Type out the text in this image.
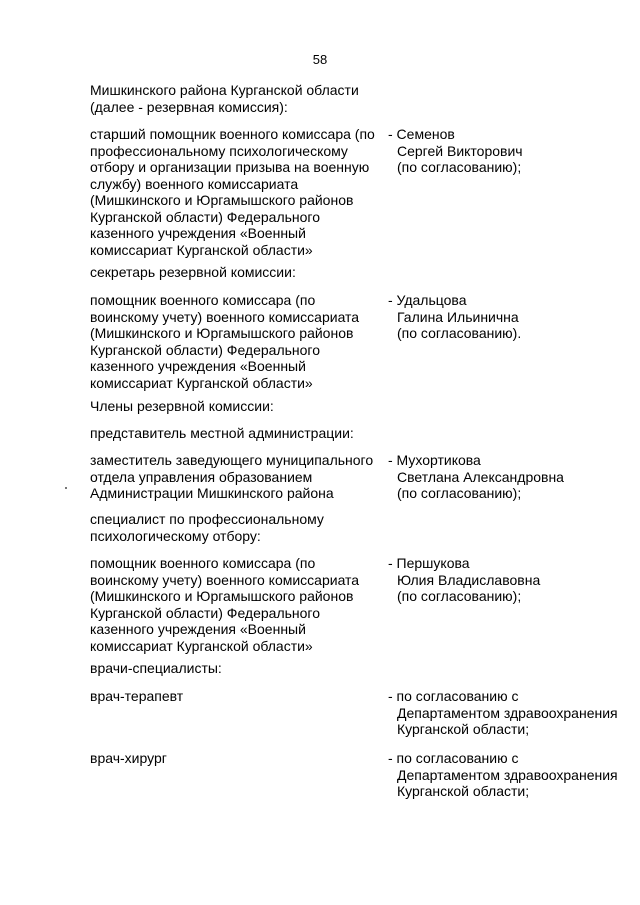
58
Мишкинского района Курганской области
(далее - резервная комиссия):
старший помощник военного комиссара (по
профессиональному психологическому
отбору и организации призыва на военную
службу) военного комиссариата
(Мишкинского и Юргамышского районов
Курганской области) Федерального
казенного учреждения «Военный
комиссариат Курганской области»
- Семенов
Сергей Викторович
(по согласованию);
секретарь резервной комиссии:
помощник военного комиссара (по
воинскому учету) военного комиссариата
(Мишкинского и Юргамышского районов
Курганской области) Федерального
казенного учреждения «Военный
комиссариат Курганской области»
- Удальцова
Галина Ильинична
(по согласованию).
Члены резервной комиссии:
представитель местной администрации:
заместитель заведующего муниципального
отдела управления образованием
Администрации Мишкинского района
- Мухортикова
Светлана Александровна
(по согласованию);
специалист по профессиональному
психологическому отбору:
помощник военного комиссара (по
воинскому учету) военного комиссариата
(Мишкинского и Юргамышского районов
Курганской области) Федерального
казенного учреждения «Военный
комиссариат Курганской области»
- Першукова
Юлия Владиславовна
(по согласованию);
врачи-специалисты:
врач-терапевт	- по согласованию с
Департаментом здравоохранения
Курганской области;
врач-хирург	- по согласованию с
Департаментом здравоохранения
Курганской области;
